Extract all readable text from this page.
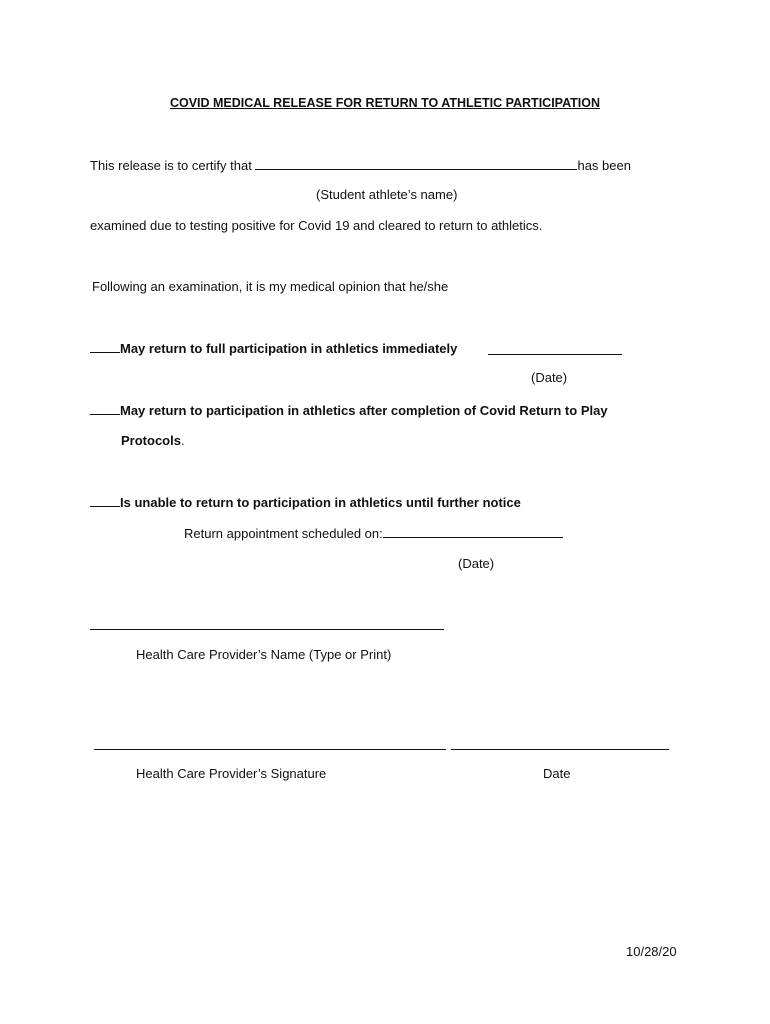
COVID MEDICAL RELEASE FOR RETURN TO ATHLETIC PARTICIPATION
This release is to certify that	has been
(Student athlete’s name)
examined due to testing positive for Covid 19 and cleared to return to athletics.
Following an examination, it is my medical opinion that he/she
May return to full participation in athletics immediately
(Date)
May return to participation in athletics after completion of Covid Return to Play
Protocols.
Is unable to return to participation in athletics until further notice
Return appointment scheduled on:
(Date)
Health Care Provider’s Name (Type or Print)
Health Care Provider’s Signature	Date
10/28/20
